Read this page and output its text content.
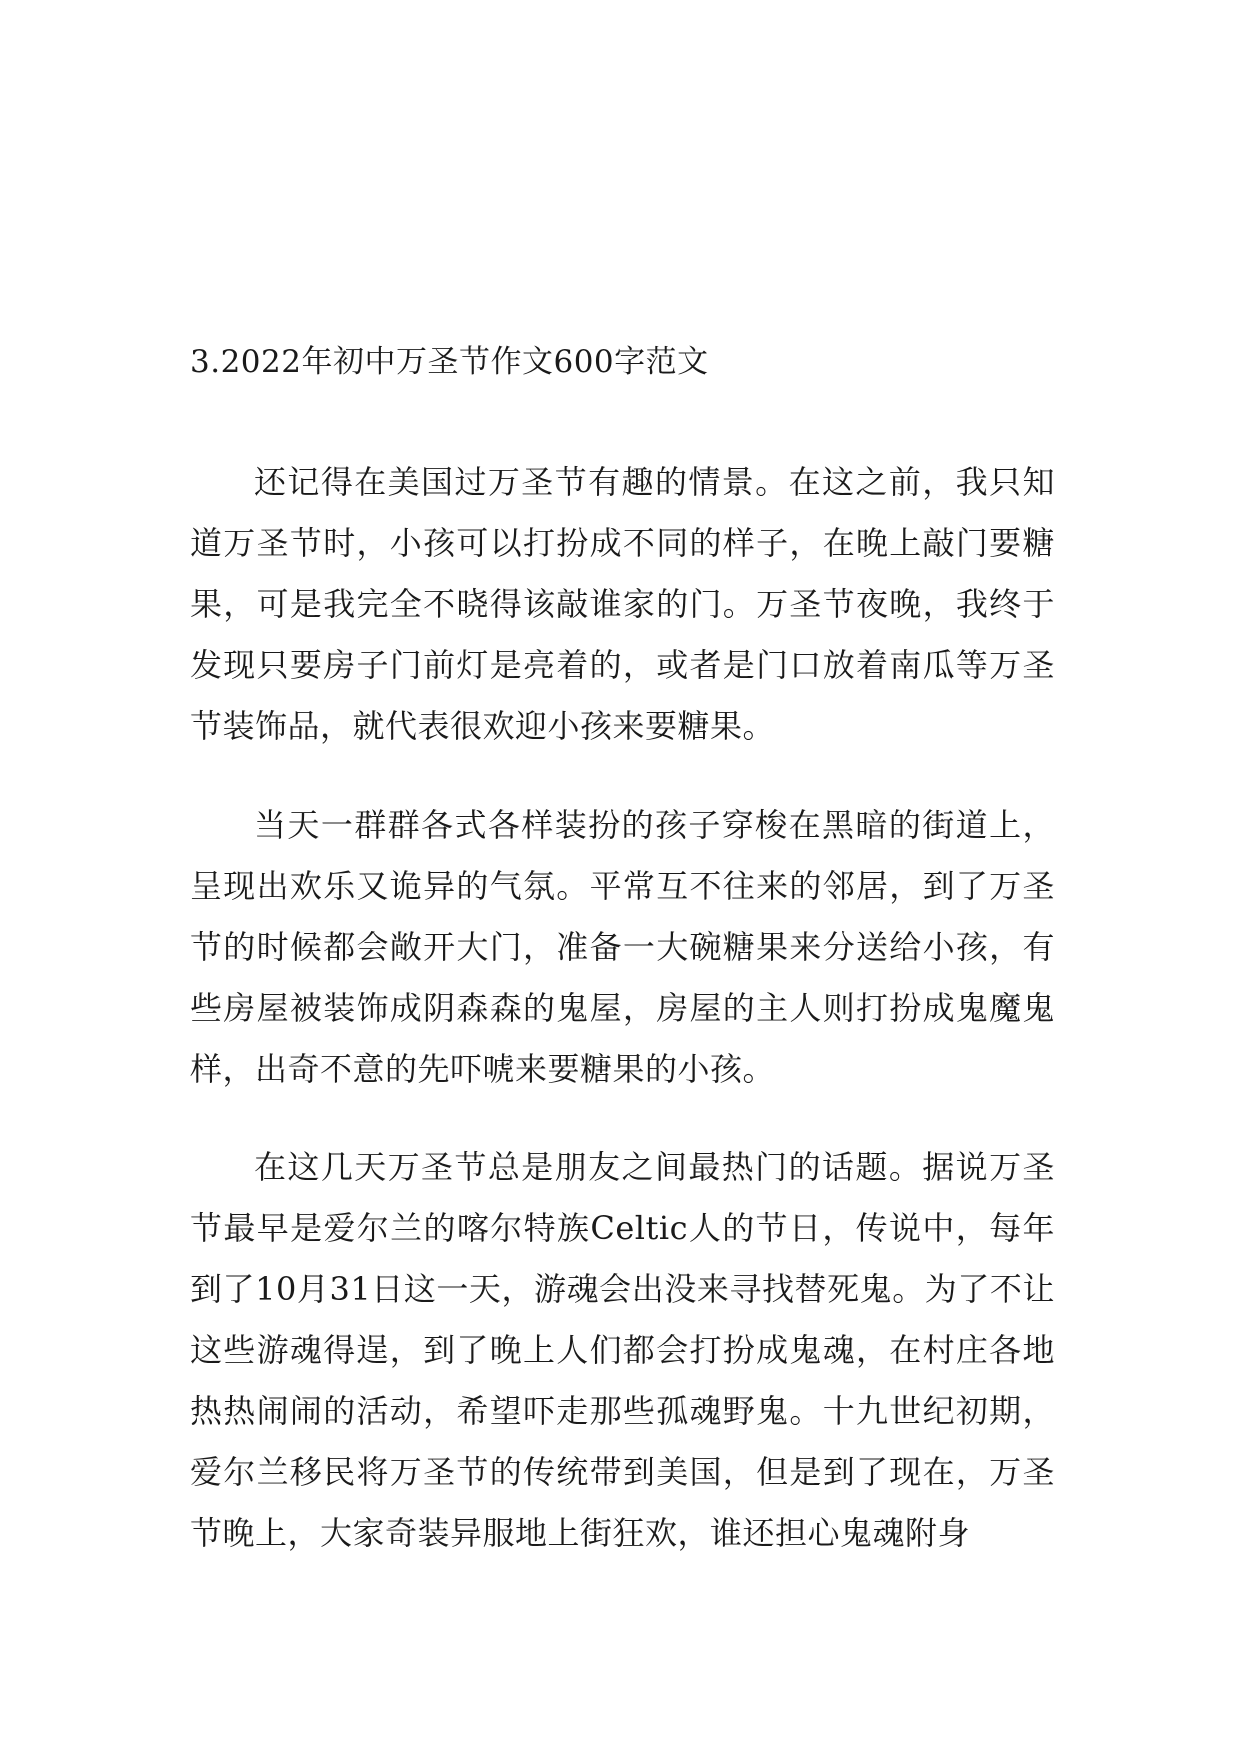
3.2022年初中万圣节作文600字范文

还记得在美国过万圣节有趣的情景。在这之前，我只知道万圣节时，小孩可以打扮成不同的样子，在晚上敲门要糖果，可是我完全不晓得该敲谁家的门。万圣节夜晚，我终于发现只要房子门前灯是亮着的，或者是门口放着南瓜等万圣节装饰品，就代表很欢迎小孩来要糖果。

当天一群群各式各样装扮的孩子穿梭在黑暗的街道上，呈现出欢乐又诡异的气氛。平常互不往来的邻居，到了万圣节的时候都会敞开大门，准备一大碗糖果来分送给小孩，有些房屋被装饰成阴森森的鬼屋，房屋的主人则打扮成鬼魔鬼样，出奇不意的先吓唬来要糖果的小孩。

在这几天万圣节总是朋友之间最热门的话题。据说万圣节最早是爱尔兰的喀尔特族Celtic人的节日，传说中，每年到了10月31日这一天，游魂会出没来寻找替死鬼。为了不让这些游魂得逞，到了晚上人们都会打扮成鬼魂，在村庄各地热热闹闹的活动，希望吓走那些孤魂野鬼。十九世纪初期，爱尔兰移民将万圣节的传统带到美国，但是到了现在，万圣节晚上，大家奇装异服地上街狂欢，谁还担心鬼魂附身
